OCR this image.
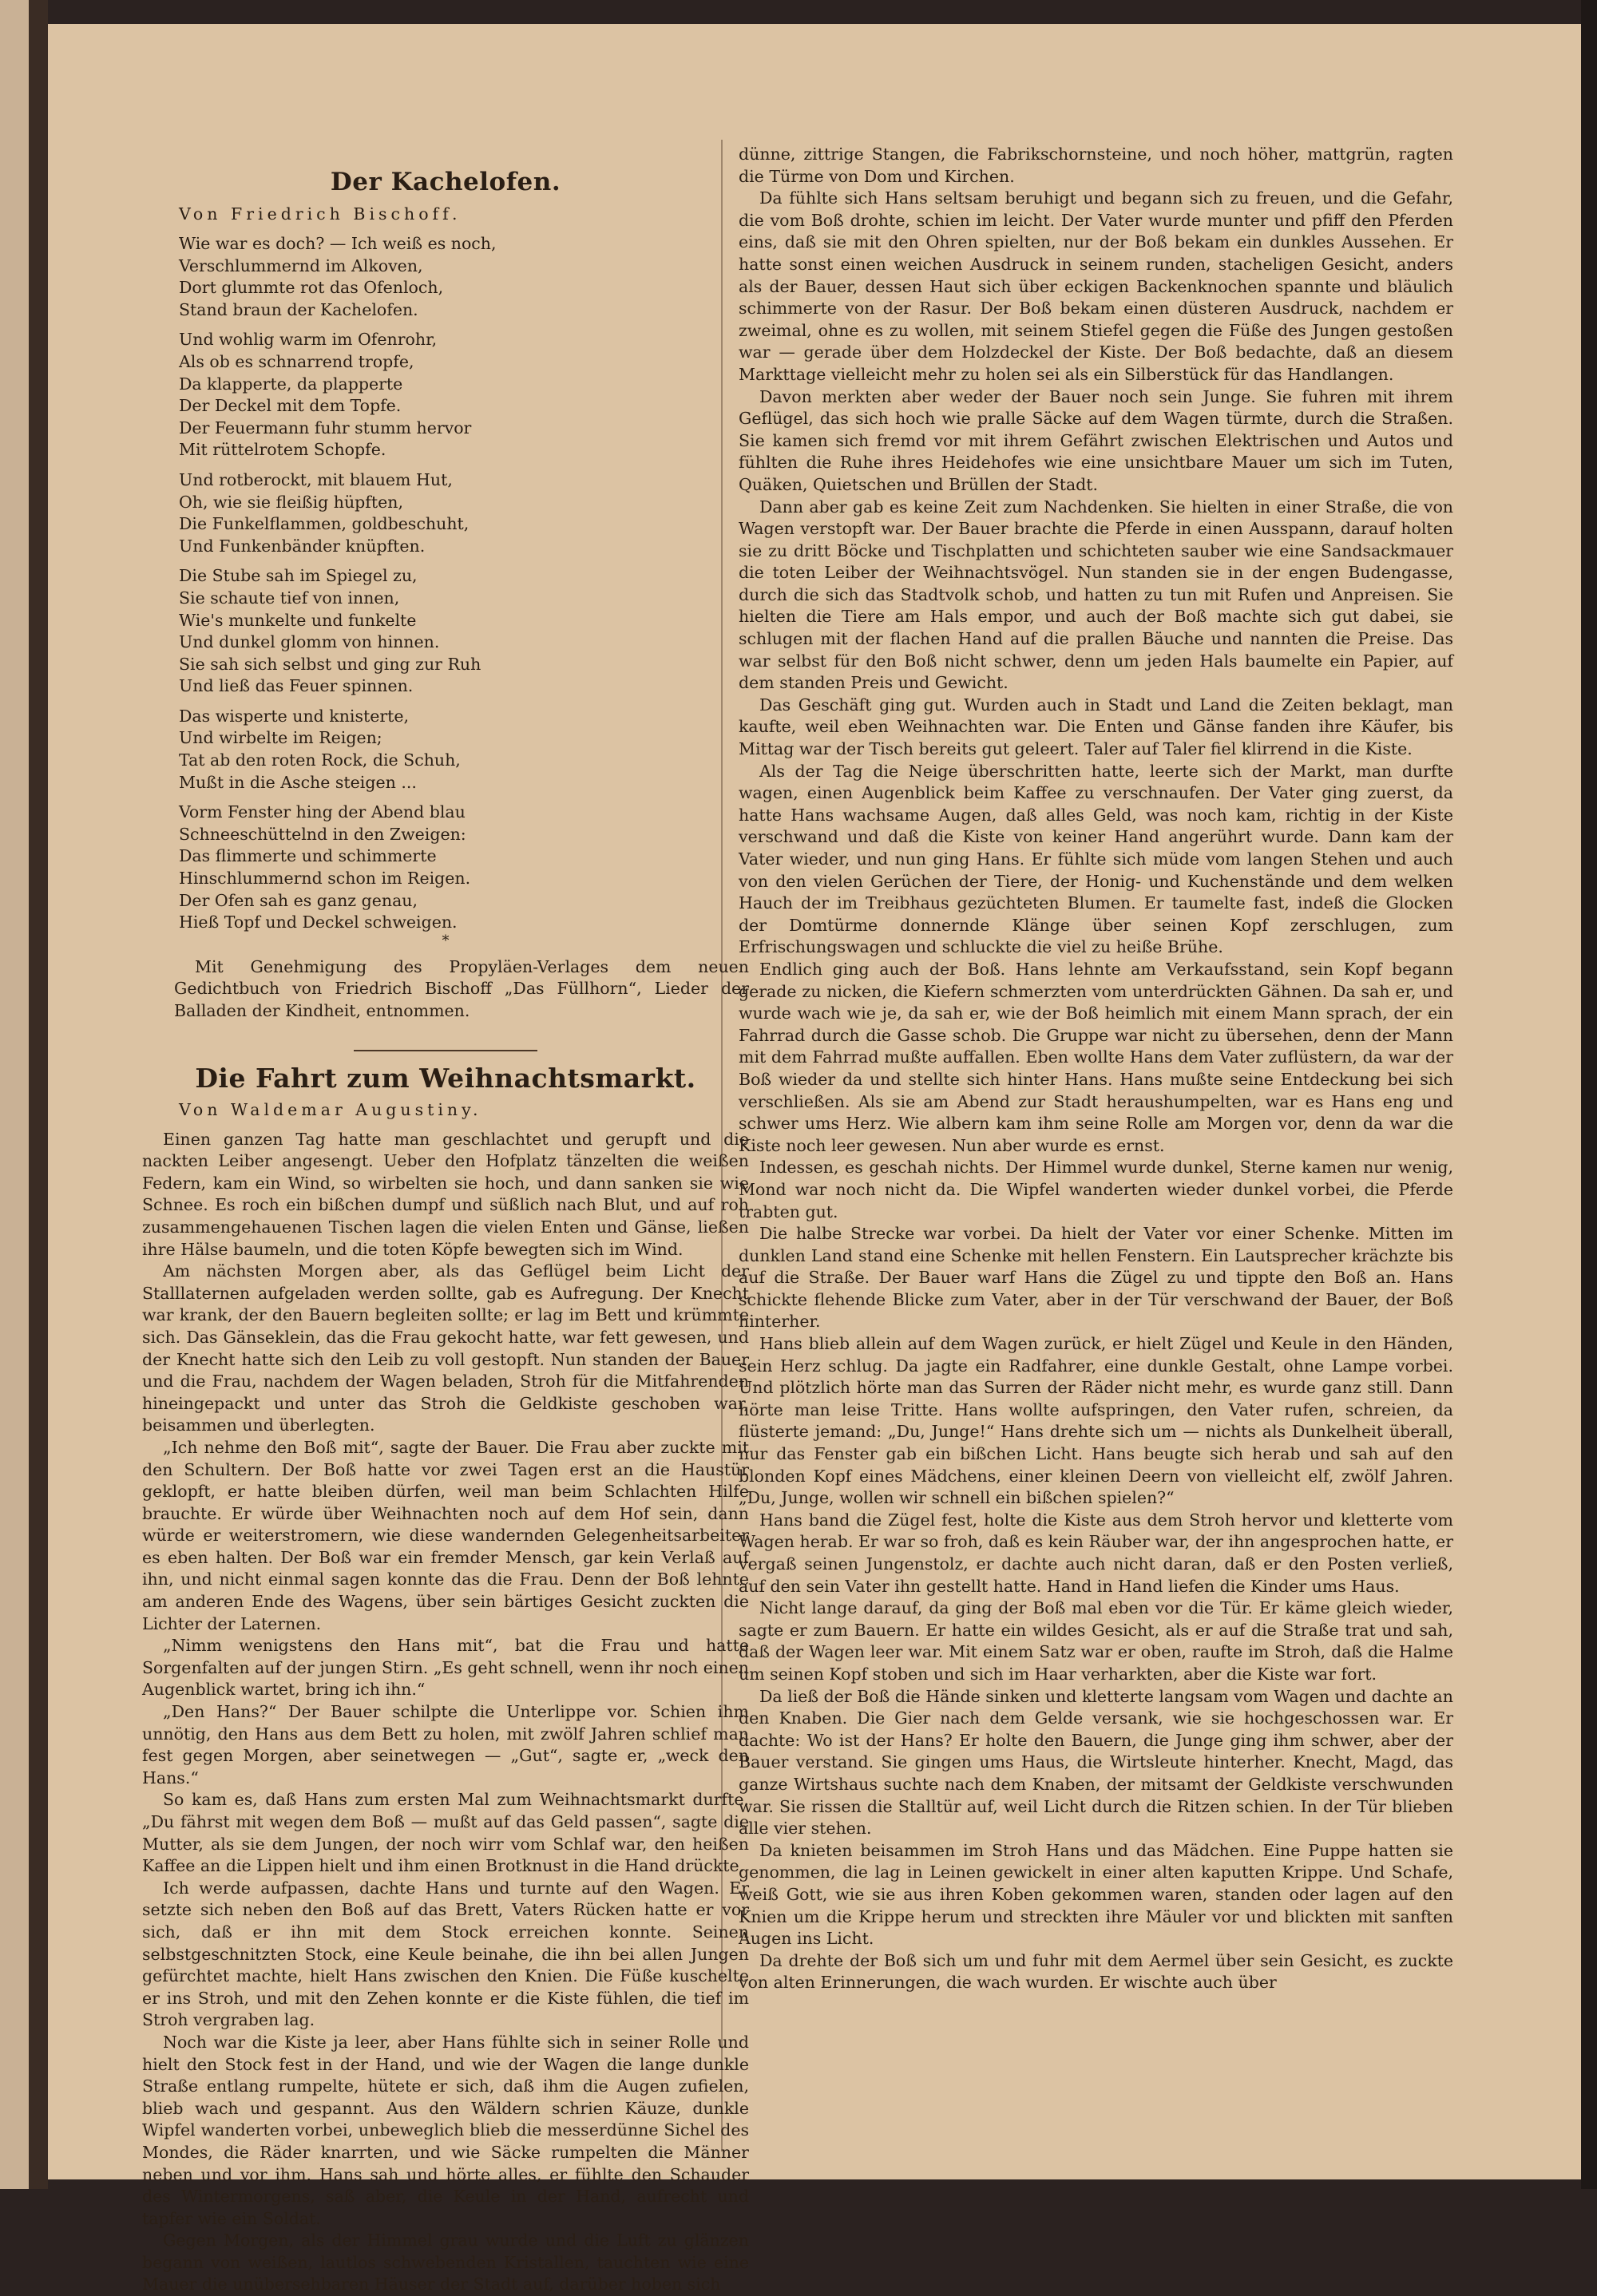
Der Kachelofen.
Von Friedrich Bischoff.
Wie war es doch? — Ich weiß es noch,
Verschlummernd im Alkoven,
Dort glummte rot das Ofenloch,
Stand braun der Kachelofen.
Und wohlig warm im Ofenrohr,
Als ob es schnarrend tropfe,
Da klapperte, da plapperte
Der Deckel mit dem Topfe.
Der Feuermann fuhr stumm hervor
Mit rüttelrotem Schopfe.
Und rotberockt, mit blauem Hut,
Oh, wie sie fleißig hüpften,
Die Funkelflammen, goldbeschuht,
Und Funkenbänder knüpften.
Die Stube sah im Spiegel zu,
Sie schaute tief von innen,
Wie's munkelte und funkelte
Und dunkel glomm von hinnen.
Sie sah sich selbst und ging zur Ruh
Und ließ das Feuer spinnen.
Das wisperte und knisterte,
Und wirbelte im Reigen;
Tat ab den roten Rock, die Schuh,
Mußt in die Asche steigen ...
Vorm Fenster hing der Abend blau
Schneeschüttelnd in den Zweigen:
Das flimmerte und schimmerte
Hinschlummernd schon im Reigen.
Der Ofen sah es ganz genau,
Hieß Topf und Deckel schweigen.
*

Mit Genehmigung des Propyläen-Verlages dem neuen Gedichtbuch von Friedrich Bischoff „Das Füllhorn“, Lieder der Balladen der Kindheit, entnommen.

Die Fahrt zum Weihnachtsmarkt.
Von Waldemar Augustiny.

Einen ganzen Tag hatte man geschlachtet und gerupft und die nackten Leiber angesengt. Ueber den Hofplatz tänzelten die weißen Federn, kam ein Wind, so wirbelten sie hoch, und dann sanken sie wie Schnee. Es roch ein bißchen dumpf und süßlich nach Blut, und auf roh zusammengehauenen Tischen lagen die vielen Enten und Gänse, ließen ihre Hälse baumeln, und die toten Köpfe bewegten sich im Wind.

Am nächsten Morgen aber, als das Geflügel beim Licht der Stalllaternen aufgeladen werden sollte, gab es Aufregung. Der Knecht war krank, der den Bauern begleiten sollte; er lag im Bett und krümmte sich. Das Gänseklein, das die Frau gekocht hatte, war fett gewesen, und der Knecht hatte sich den Leib zu voll gestopft. Nun standen der Bauer und die Frau, nachdem der Wagen beladen, Stroh für die Mitfahrenden hineingepackt und unter das Stroh die Geldkiste geschoben war, beisammen und überlegten.

„Ich nehme den Boß mit“, sagte der Bauer. Die Frau aber zuckte mit den Schultern. Der Boß hatte vor zwei Tagen erst an die Haustür geklopft, er hatte bleiben dürfen, weil man beim Schlachten Hilfe brauchte. Er würde über Weihnachten noch auf dem Hof sein, dann würde er weiterstromern, wie diese wandernden Gelegenheitsarbeiter es eben halten. Der Boß war ein fremder Mensch, gar kein Verlaß auf ihn, und nicht einmal sagen konnte das die Frau. Denn der Boß lehnte am anderen Ende des Wagens, über sein bärtiges Gesicht zuckten die Lichter der Laternen.

„Nimm wenigstens den Hans mit“, bat die Frau und hatte Sorgenfalten auf der jungen Stirn. „Es geht schnell, wenn ihr noch einen Augenblick wartet, bring ich ihn.“

„Den Hans?“ Der Bauer schilpte die Unterlippe vor. Schien ihm unnötig, den Hans aus dem Bett zu holen, mit zwölf Jahren schlief man fest gegen Morgen, aber seinetwegen — „Gut“, sagte er, „weck den Hans.“

So kam es, daß Hans zum ersten Mal zum Weihnachtsmarkt durfte. „Du fährst mit wegen dem Boß — mußt auf das Geld passen“, sagte die Mutter, als sie dem Jungen, der noch wirr vom Schlaf war, den heißen Kaffee an die Lippen hielt und ihm einen Brotknust in die Hand drückte.

Ich werde aufpassen, dachte Hans und turnte auf den Wagen. Er setzte sich neben den Boß auf das Brett, Vaters Rücken hatte er vor sich, daß er ihn mit dem Stock erreichen konnte. Seinen selbstgeschnitzten Stock, eine Keule beinahe, die ihn bei allen Jungen gefürchtet machte, hielt Hans zwischen den Knien. Die Füße kuschelte er ins Stroh, und mit den Zehen konnte er die Kiste fühlen, die tief im Stroh vergraben lag.

Noch war die Kiste ja leer, aber Hans fühlte sich in seiner Rolle und hielt den Stock fest in der Hand, und wie der Wagen die lange dunkle Straße entlang rumpelte, hütete er sich, daß ihm die Augen zufielen, blieb wach und gespannt. Aus den Wäldern schrien Käuze, dunkle Wipfel wanderten vorbei, unbeweglich blieb die messerdünne Sichel des Mondes, die Räder knarrten, und wie Säcke rumpelten die Männer neben und vor ihm. Hans sah und hörte alles, er fühlte den Schauder des Wintermorgens, saß aber, die Keule in der Hand, aufrecht und tapfer wie ein Soldat.

Gegen Morgen, als der Himmel grau wurde und die Luft zu glänzen begann von weißen, lautlos schwebenden Kristallen, tauchten wie eine Mauer die unübersehbaren Häuser der Stadt auf, darüber hoben sich

dünne, zittrige Stangen, die Fabrikschornsteine, und noch höher, mattgrün, ragten die Türme von Dom und Kirchen.

Da fühlte sich Hans seltsam beruhigt und begann sich zu freuen, und die Gefahr, die vom Boß drohte, schien im leicht. Der Vater wurde munter und pfiff den Pferden eins, daß sie mit den Ohren spielten, nur der Boß bekam ein dunkles Aussehen. Er hatte sonst einen weichen Ausdruck in seinem runden, stacheligen Gesicht, anders als der Bauer, dessen Haut sich über eckigen Backenknochen spannte und bläulich schimmerte von der Rasur. Der Boß bekam einen düsteren Ausdruck, nachdem er zweimal, ohne es zu wollen, mit seinem Stiefel gegen die Füße des Jungen gestoßen war — gerade über dem Holzdeckel der Kiste. Der Boß bedachte, daß an diesem Markttage vielleicht mehr zu holen sei als ein Silberstück für das Handlangen.

Davon merkten aber weder der Bauer noch sein Junge. Sie fuhren mit ihrem Geflügel, das sich hoch wie pralle Säcke auf dem Wagen türmte, durch die Straßen. Sie kamen sich fremd vor mit ihrem Gefährt zwischen Elektrischen und Autos und fühlten die Ruhe ihres Heidehofes wie eine unsichtbare Mauer um sich im Tuten, Quäken, Quietschen und Brüllen der Stadt.

Dann aber gab es keine Zeit zum Nachdenken. Sie hielten in einer Straße, die von Wagen verstopft war. Der Bauer brachte die Pferde in einen Ausspann, darauf holten sie zu dritt Böcke und Tischplatten und schichteten sauber wie eine Sandsackmauer die toten Leiber der Weihnachtsvögel. Nun standen sie in der engen Budengasse, durch die sich das Stadtvolk schob, und hatten zu tun mit Rufen und Anpreisen. Sie hielten die Tiere am Hals empor, und auch der Boß machte sich gut dabei, sie schlugen mit der flachen Hand auf die prallen Bäuche und nannten die Preise. Das war selbst für den Boß nicht schwer, denn um jeden Hals baumelte ein Papier, auf dem standen Preis und Gewicht.

Das Geschäft ging gut. Wurden auch in Stadt und Land die Zeiten beklagt, man kaufte, weil eben Weihnachten war. Die Enten und Gänse fanden ihre Käufer, bis Mittag war der Tisch bereits gut geleert. Taler auf Taler fiel klirrend in die Kiste.

Als der Tag die Neige überschritten hatte, leerte sich der Markt, man durfte wagen, einen Augenblick beim Kaffee zu verschnaufen. Der Vater ging zuerst, da hatte Hans wachsame Augen, daß alles Geld, was noch kam, richtig in der Kiste verschwand und daß die Kiste von keiner Hand angerührt wurde. Dann kam der Vater wieder, und nun ging Hans. Er fühlte sich müde vom langen Stehen und auch von den vielen Gerüchen der Tiere, der Honig- und Kuchenstände und dem welken Hauch der im Treibhaus gezüchteten Blumen. Er taumelte fast, indeß die Glocken der Domtürme donnernde Klänge über seinen Kopf zerschlugen, zum Erfrischungswagen und schluckte die viel zu heiße Brühe.

Endlich ging auch der Boß. Hans lehnte am Verkaufsstand, sein Kopf begann gerade zu nicken, die Kiefern schmerzten vom unterdrückten Gähnen. Da sah er, und wurde wach wie je, da sah er, wie der Boß heimlich mit einem Mann sprach, der ein Fahrrad durch die Gasse schob. Die Gruppe war nicht zu übersehen, denn der Mann mit dem Fahrrad mußte auffallen. Eben wollte Hans dem Vater zuflüstern, da war der Boß wieder da und stellte sich hinter Hans. Hans mußte seine Entdeckung bei sich verschließen. Als sie am Abend zur Stadt heraushumpelten, war es Hans eng und schwer ums Herz. Wie albern kam ihm seine Rolle am Morgen vor, denn da war die Kiste noch leer gewesen. Nun aber wurde es ernst.

Indessen, es geschah nichts. Der Himmel wurde dunkel, Sterne kamen nur wenig, Mond war noch nicht da. Die Wipfel wanderten wieder dunkel vorbei, die Pferde trabten gut.

Die halbe Strecke war vorbei. Da hielt der Vater vor einer Schenke. Mitten im dunklen Land stand eine Schenke mit hellen Fenstern. Ein Lautsprecher krächzte bis auf die Straße. Der Bauer warf Hans die Zügel zu und tippte den Boß an. Hans schickte flehende Blicke zum Vater, aber in der Tür verschwand der Bauer, der Boß hinterher.

Hans blieb allein auf dem Wagen zurück, er hielt Zügel und Keule in den Händen, sein Herz schlug. Da jagte ein Radfahrer, eine dunkle Gestalt, ohne Lampe vorbei. Und plötzlich hörte man das Surren der Räder nicht mehr, es wurde ganz still. Dann hörte man leise Tritte. Hans wollte aufspringen, den Vater rufen, schreien, da flüsterte jemand: „Du, Junge!“ Hans drehte sich um — nichts als Dunkelheit überall, nur das Fenster gab ein bißchen Licht. Hans beugte sich herab und sah auf den blonden Kopf eines Mädchens, einer kleinen Deern von vielleicht elf, zwölf Jahren. „Du, Junge, wollen wir schnell ein bißchen spielen?“

Hans band die Zügel fest, holte die Kiste aus dem Stroh hervor und kletterte vom Wagen herab. Er war so froh, daß es kein Räuber war, der ihn angesprochen hatte, er vergaß seinen Jungenstolz, er dachte auch nicht daran, daß er den Posten verließ, auf den sein Vater ihn gestellt hatte. Hand in Hand liefen die Kinder ums Haus.

Nicht lange darauf, da ging der Boß mal eben vor die Tür. Er käme gleich wieder, sagte er zum Bauern. Er hatte ein wildes Gesicht, als er auf die Straße trat und sah, daß der Wagen leer war. Mit einem Satz war er oben, raufte im Stroh, daß die Halme um seinen Kopf stoben und sich im Haar verharkten, aber die Kiste war fort.

Da ließ der Boß die Hände sinken und kletterte langsam vom Wagen und dachte an den Knaben. Die Gier nach dem Gelde versank, wie sie hochgeschossen war. Er dachte: Wo ist der Hans? Er holte den Bauern, die Junge ging ihm schwer, aber der Bauer verstand. Sie gingen ums Haus, die Wirtsleute hinterher. Knecht, Magd, das ganze Wirtshaus suchte nach dem Knaben, der mitsamt der Geldkiste verschwunden war. Sie rissen die Stalltür auf, weil Licht durch die Ritzen schien. In der Tür blieben alle vier stehen.

Da knieten beisammen im Stroh Hans und das Mädchen. Eine Puppe hatten sie genommen, die lag in Leinen gewickelt in einer alten kaputten Krippe. Und Schafe, weiß Gott, wie sie aus ihren Koben gekommen waren, standen oder lagen auf den Knien um die Krippe herum und streckten ihre Mäuler vor und blickten mit sanften Augen ins Licht.

Da drehte der Boß sich um und fuhr mit dem Aermel über sein Gesicht, es zuckte von alten Erinnerungen, die wach wurden. Er wischte auch über
